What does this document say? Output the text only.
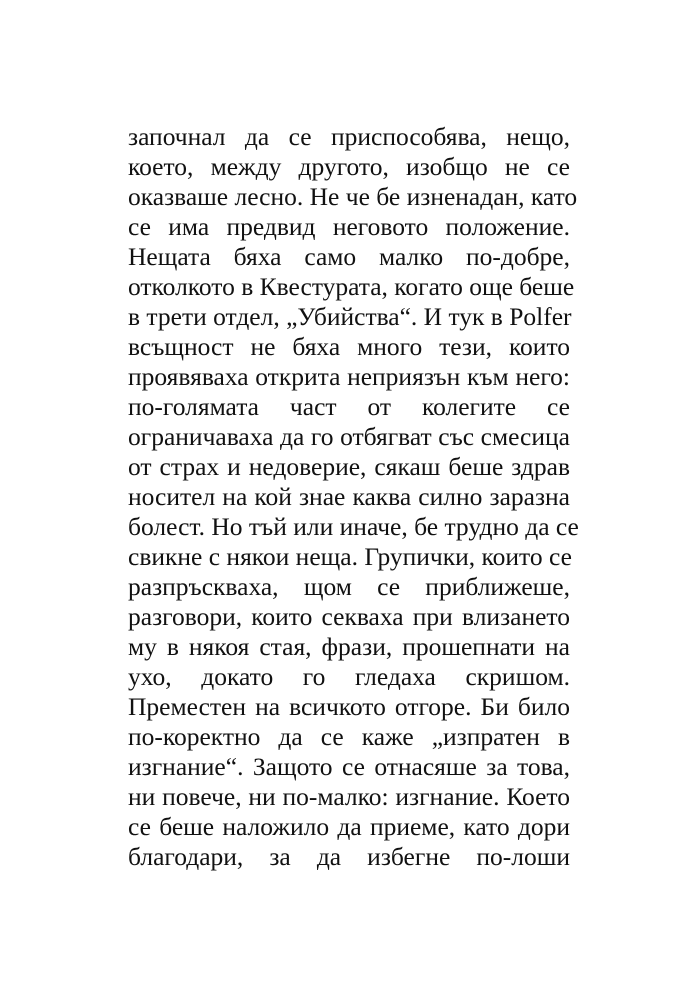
започнал да се приспособява, нещо,
което, между другото, изобщо не се
оказваше лесно. Не че бе изненадан, като
се има предвид неговото положение.
Нещата бяха само малко по-добре,
отколкото в Квестурата, когато още беше
в трети отдел, „Убийства“. И тук в Polfer
всъщност не бяха много тези, които
проявяваха открита неприязън към него:
по-голямата част от колегите се
ограничаваха да го отбягват със смесица
от страх и недоверие, сякаш беше здрав
носител на кой знае каква силно заразна
болест. Но тъй или иначе, бе трудно да се
свикне с някои неща. Групички, които се
разпръскваха, щом се приближеше,
разговори, които секваха при влизането
му в някоя стая, фрази, прошепнати на
ухо, докато го гледаха скришом.
Преместен на всичкото отгоре. Би било
по-коректно да се каже „изпратен в
изгнание“. Защото се отнасяше за това,
ни повече, ни по-малко: изгнание. Което
се беше наложило да приеме, като дори
благодари, за да избегне по-лоши
